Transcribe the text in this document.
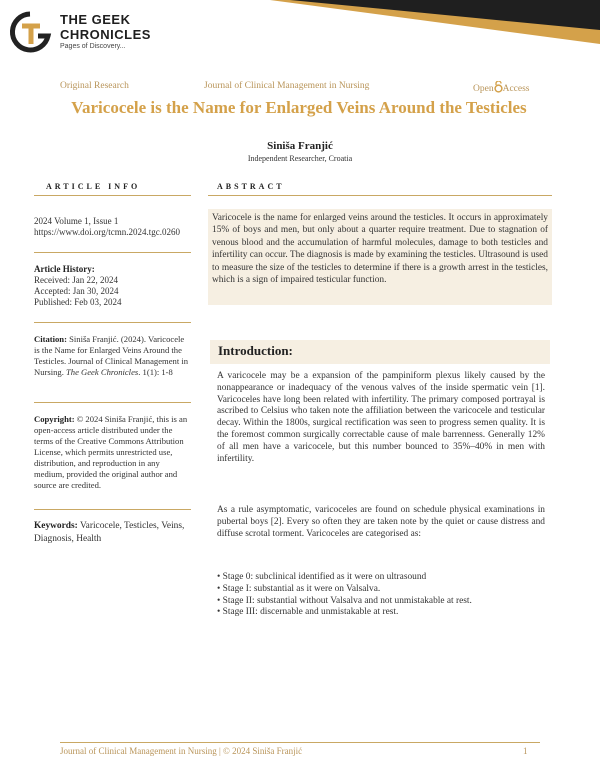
THE GEEK
CHRONICLES
Pages of Discovery...
Original Research	Journal of Clinical Management in Nursing	Open Access
Varicocele is the Name for Enlarged Veins Around the Testicles
Siniša Franjić
Independent Researcher, Croatia
ARTICLE INFO	ABSTRACT
2024 Volume 1, Issue 1
https://www.doi.org/tcmn.2024.tgc.0260
Article History:
Received: Jan 22, 2024
Accepted: Jan 30, 2024
Published: Feb 03, 2024
Citation: Siniša Franjić. (2024). Varicocele is the Name for Enlarged Veins Around the Testicles. Journal of Clinical Management in Nursing. The Geek Chronicles. 1(1): 1-8
Copyright: © 2024 Siniša Franjić, this is an open-access article distributed under the terms of the Creative Commons Attribution License, which permits unrestricted use, distribution, and reproduction in any medium, provided the original author and source are credited.
Keywords: Varicocele, Testicles, Veins, Diagnosis, Health
Varicocele is the name for enlarged veins around the testicles. It occurs in approximately 15% of boys and men, but only about a quarter require treatment. Due to stagnation of venous blood and the accumulation of harmful molecules, damage to both testicles and infertility can occur. The diagnosis is made by examining the testicles. Ultrasound is used to measure the size of the testicles to determine if there is a growth arrest in the testicles, which is a sign of impaired testicular function.
Introduction:
A varicocele may be a expansion of the pampiniform plexus likely caused by the nonappearance or inadequacy of the venous valves of the inside spermatic vein [1]. Varicoceles have long been related with infertility. The primary composed portrayal is ascribed to Celsius who taken note the affiliation between the varicocele and testicular decay. Within the 1800s, surgical rectification was seen to progress semen quality. It is the foremost common surgically correctable cause of male barrenness. Generally 12% of all men have a varicocele, but this number bounced to 35%–40% in men with infertility.
As a rule asymptomatic, varicoceles are found on schedule physical examinations in pubertal boys [2]. Every so often they are taken note by the quiet or cause distress and diffuse scrotal torment. Varicoceles are categorised as:
• Stage 0: subclinical identified as it were on ultrasound
• Stage I: substantial as it were on Valsalva.
• Stage II: substantial without Valsalva and not unmistakable at rest.
• Stage III: discernable and unmistakable at rest.
Journal of Clinical Management in Nursing | © 2024 Siniša Franjić	1
